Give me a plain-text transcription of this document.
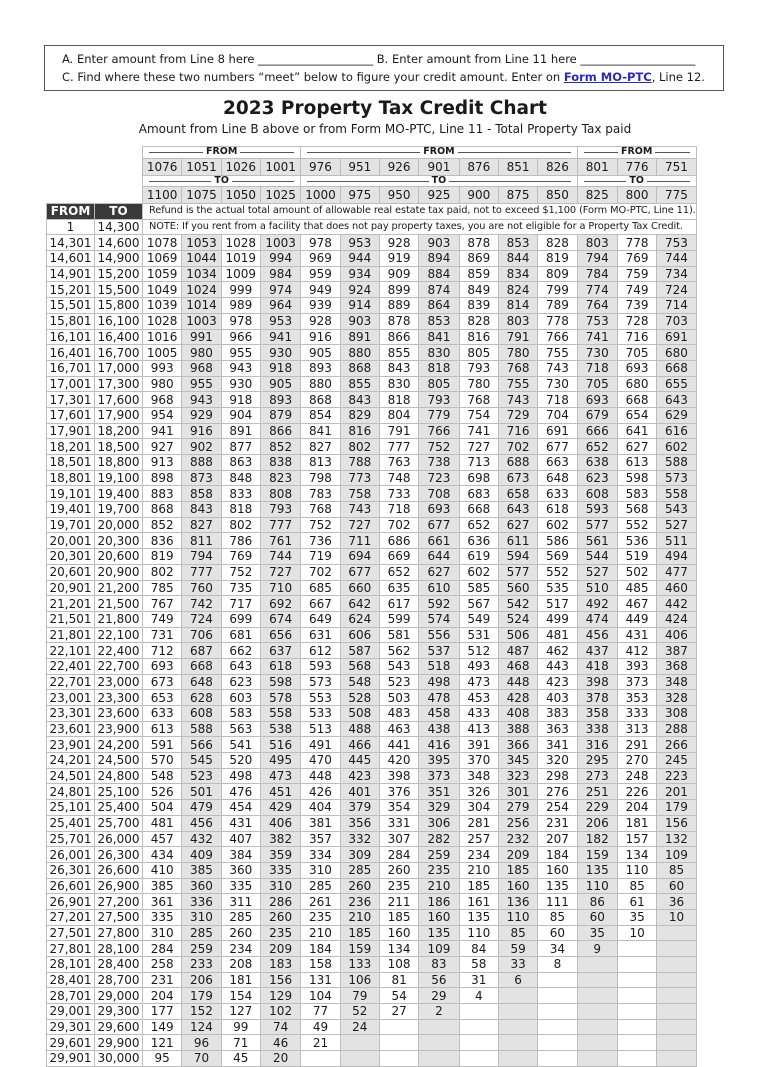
A. Enter amount from Line 8 here ____________________ B. Enter amount from Line 11 here ____________________
C. Find where these two numbers “meet” below to figure your credit amount. Enter on Form MO-PTC, Line 12.
2023 Property Tax Credit Chart
Amount from Line B above or from Form MO-PTC, Line 11 - Total Property Tax paid
		FROM				FROM							FROM		
		1076	1051	1026	1001	976	951	926	901	876	851	826	801	776	751
		TO				TO							TO		
		1100	1075	1050	1025	1000	975	950	925	900	875	850	825	800	775
FROM	TO	Refund is the actual total amount of allowable real estate tax paid, not to exceed $1,100 (Form MO-PTC, Line 11).													
1	14,300	NOTE: If you rent from a facility that does not pay property taxes, you are not eligible for a Property Tax Credit.													
14,301	14,600	1078	1053	1028	1003	978	953	928	903	878	853	828	803	778	753
14,601	14,900	1069	1044	1019	994	969	944	919	894	869	844	819	794	769	744
14,901	15,200	1059	1034	1009	984	959	934	909	884	859	834	809	784	759	734
15,201	15,500	1049	1024	999	974	949	924	899	874	849	824	799	774	749	724
15,501	15,800	1039	1014	989	964	939	914	889	864	839	814	789	764	739	714
15,801	16,100	1028	1003	978	953	928	903	878	853	828	803	778	753	728	703
16,101	16,400	1016	991	966	941	916	891	866	841	816	791	766	741	716	691
16,401	16,700	1005	980	955	930	905	880	855	830	805	780	755	730	705	680
16,701	17,000	993	968	943	918	893	868	843	818	793	768	743	718	693	668
17,001	17,300	980	955	930	905	880	855	830	805	780	755	730	705	680	655
17,301	17,600	968	943	918	893	868	843	818	793	768	743	718	693	668	643
17,601	17,900	954	929	904	879	854	829	804	779	754	729	704	679	654	629
17,901	18,200	941	916	891	866	841	816	791	766	741	716	691	666	641	616
18,201	18,500	927	902	877	852	827	802	777	752	727	702	677	652	627	602
18,501	18,800	913	888	863	838	813	788	763	738	713	688	663	638	613	588
18,801	19,100	898	873	848	823	798	773	748	723	698	673	648	623	598	573
19,101	19,400	883	858	833	808	783	758	733	708	683	658	633	608	583	558
19,401	19,700	868	843	818	793	768	743	718	693	668	643	618	593	568	543
19,701	20,000	852	827	802	777	752	727	702	677	652	627	602	577	552	527
20,001	20,300	836	811	786	761	736	711	686	661	636	611	586	561	536	511
20,301	20,600	819	794	769	744	719	694	669	644	619	594	569	544	519	494
20,601	20,900	802	777	752	727	702	677	652	627	602	577	552	527	502	477
20,901	21,200	785	760	735	710	685	660	635	610	585	560	535	510	485	460
21,201	21,500	767	742	717	692	667	642	617	592	567	542	517	492	467	442
21,501	21,800	749	724	699	674	649	624	599	574	549	524	499	474	449	424
21,801	22,100	731	706	681	656	631	606	581	556	531	506	481	456	431	406
22,101	22,400	712	687	662	637	612	587	562	537	512	487	462	437	412	387
22,401	22,700	693	668	643	618	593	568	543	518	493	468	443	418	393	368
22,701	23,000	673	648	623	598	573	548	523	498	473	448	423	398	373	348
23,001	23,300	653	628	603	578	553	528	503	478	453	428	403	378	353	328
23,301	23,600	633	608	583	558	533	508	483	458	433	408	383	358	333	308
23,601	23,900	613	588	563	538	513	488	463	438	413	388	363	338	313	288
23,901	24,200	591	566	541	516	491	466	441	416	391	366	341	316	291	266
24,201	24,500	570	545	520	495	470	445	420	395	370	345	320	295	270	245
24,501	24,800	548	523	498	473	448	423	398	373	348	323	298	273	248	223
24,801	25,100	526	501	476	451	426	401	376	351	326	301	276	251	226	201
25,101	25,400	504	479	454	429	404	379	354	329	304	279	254	229	204	179
25,401	25,700	481	456	431	406	381	356	331	306	281	256	231	206	181	156
25,701	26,000	457	432	407	382	357	332	307	282	257	232	207	182	157	132
26,001	26,300	434	409	384	359	334	309	284	259	234	209	184	159	134	109
26,301	26,600	410	385	360	335	310	285	260	235	210	185	160	135	110	85
26,601	26,900	385	360	335	310	285	260	235	210	185	160	135	110	85	60
26,901	27,200	361	336	311	286	261	236	211	186	161	136	111	86	61	36
27,201	27,500	335	310	285	260	235	210	185	160	135	110	85	60	35	10
27,501	27,800	310	285	260	235	210	185	160	135	110	85	60	35	10	
27,801	28,100	284	259	234	209	184	159	134	109	84	59	34	9		
28,101	28,400	258	233	208	183	158	133	108	83	58	33	8			
28,401	28,700	231	206	181	156	131	106	81	56	31	6				
28,701	29,000	204	179	154	129	104	79	54	29	4					
29,001	29,300	177	152	127	102	77	52	27	2						
29,301	29,600	149	124	99	74	49	24								
29,601	29,900	121	96	71	46	21									
29,901	30,000	95	70	45	20										
